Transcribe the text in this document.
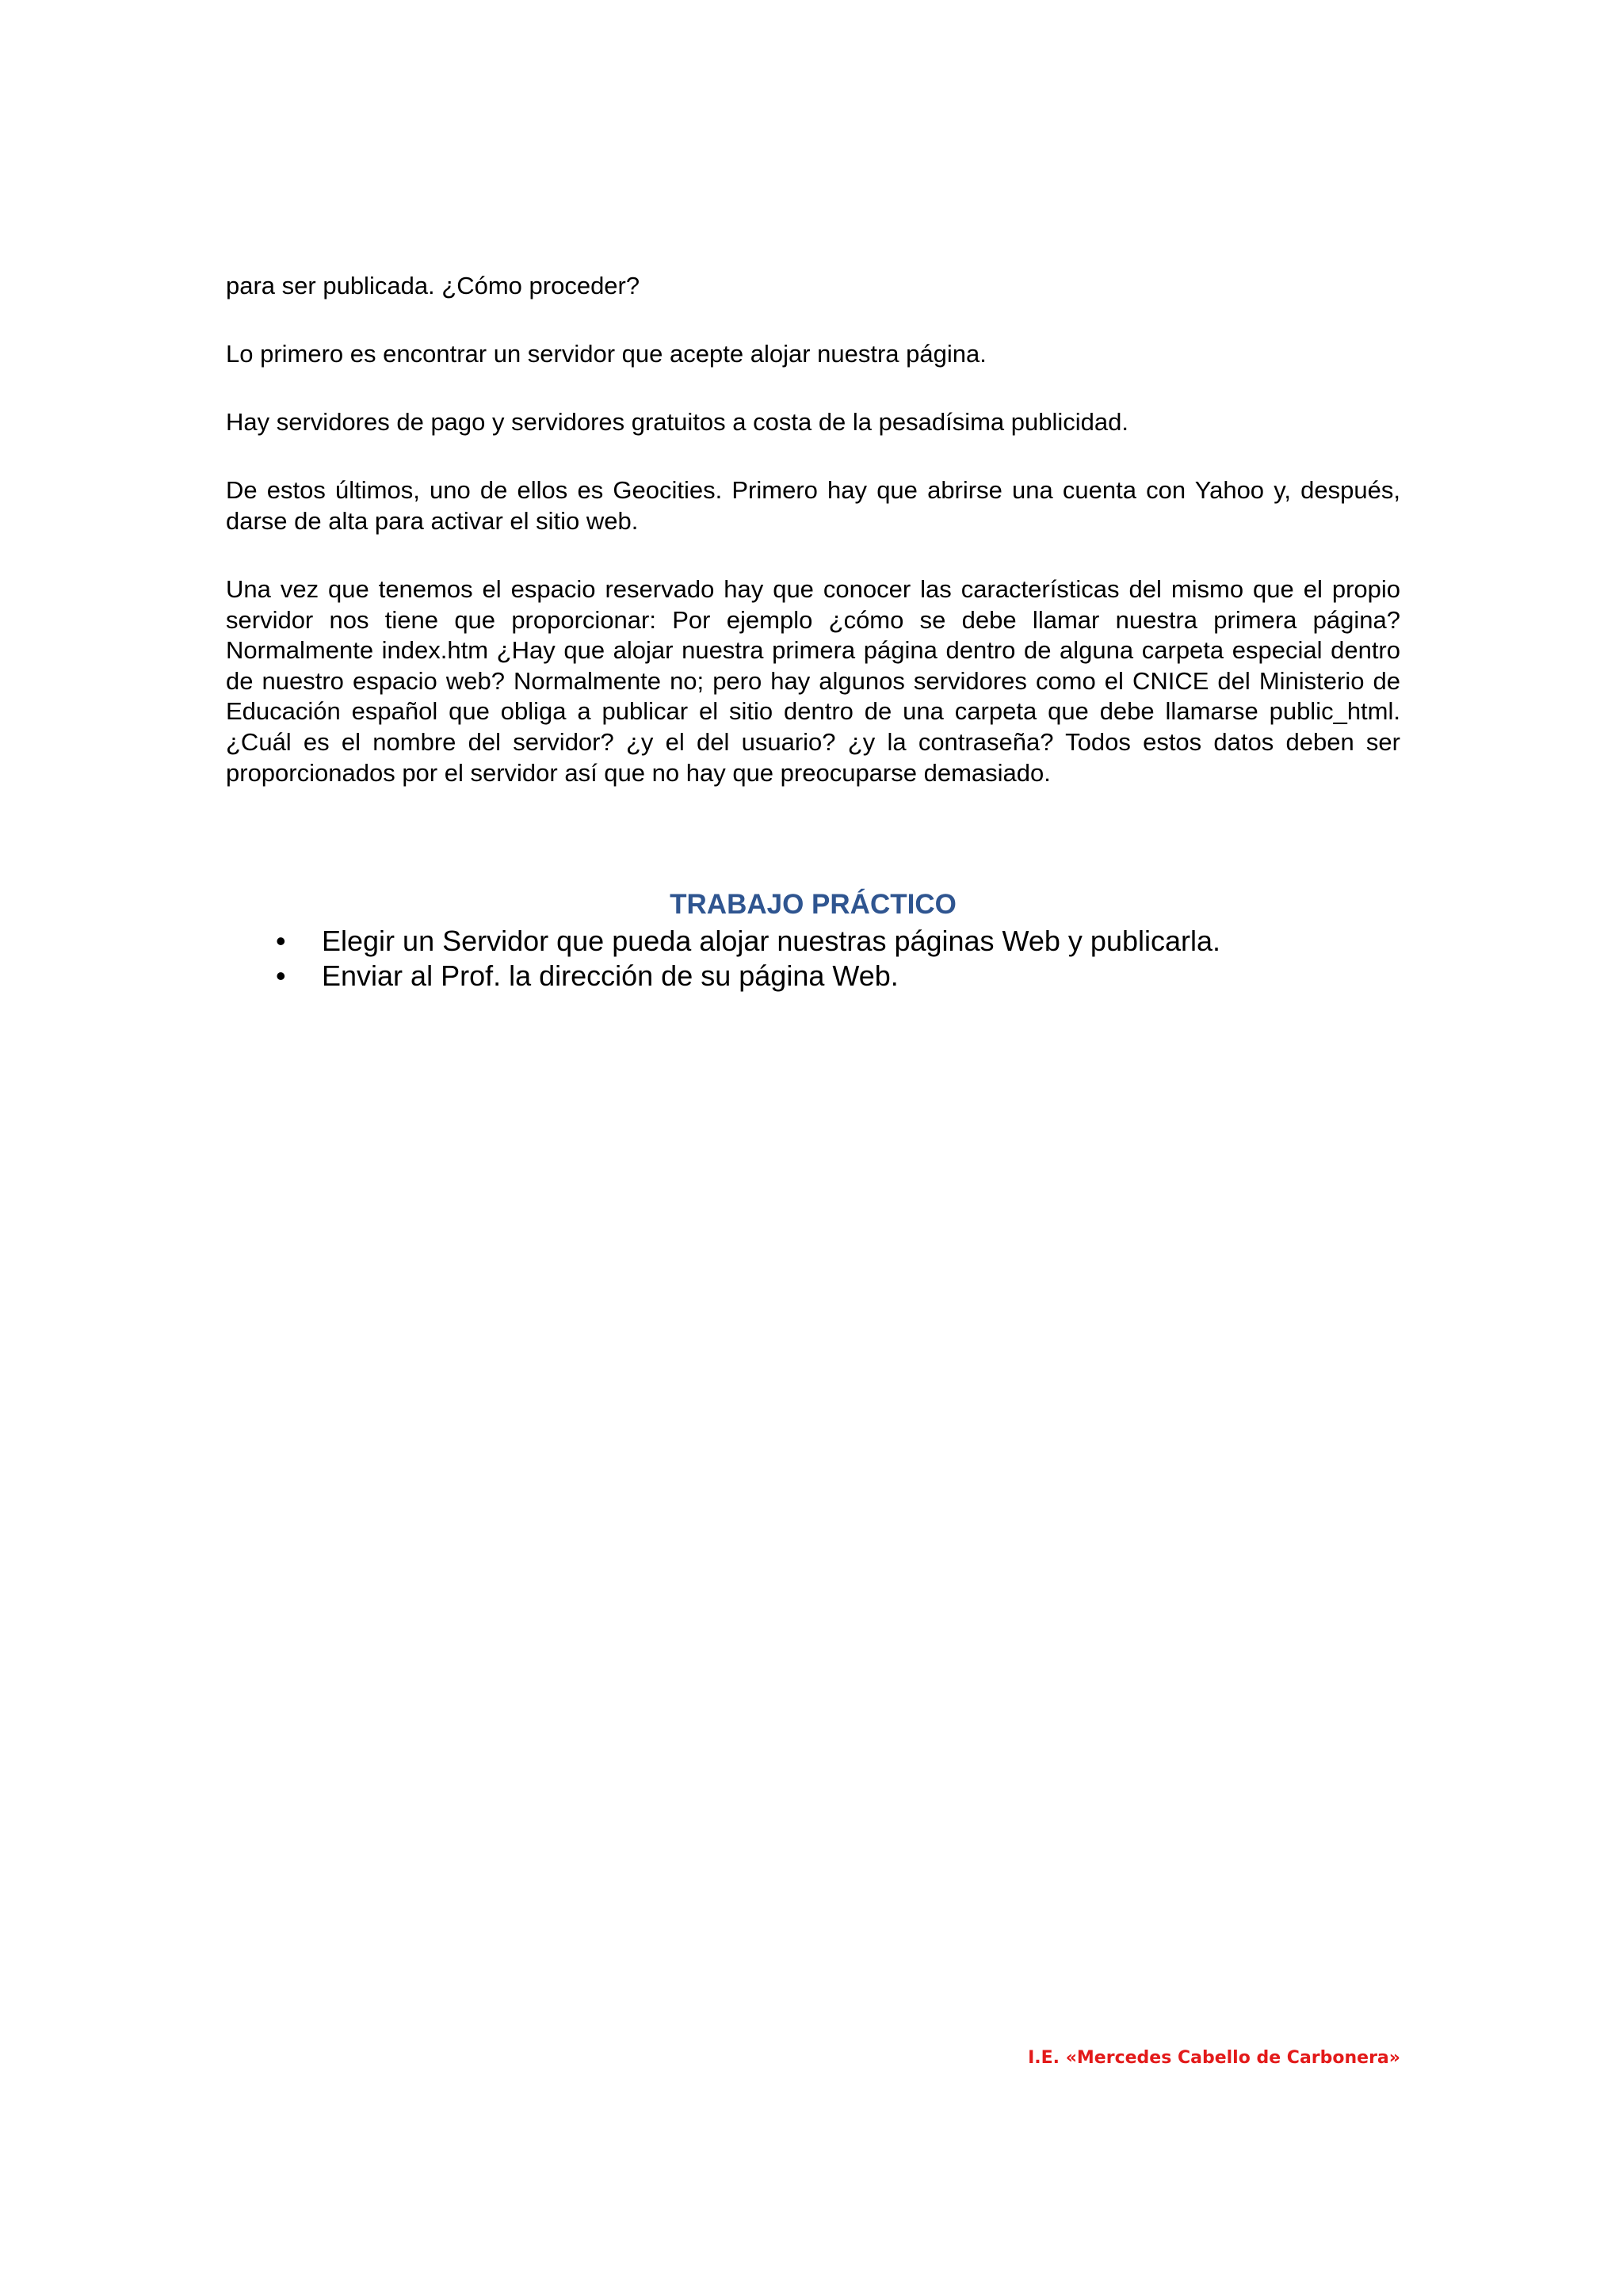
para ser publicada. ¿Cómo proceder?

Lo primero es encontrar un servidor que acepte alojar nuestra página.

Hay servidores de pago y servidores gratuitos a costa de la pesadísima publicidad.

De estos últimos, uno de ellos es Geocities. Primero hay que abrirse una cuenta con Yahoo y, después, darse de alta para activar el sitio web.

Una vez que tenemos el espacio reservado hay que conocer las características del mismo que el propio servidor nos tiene que proporcionar: Por ejemplo ¿cómo se debe llamar nuestra primera página? Normalmente index.htm ¿Hay que alojar nuestra primera página dentro de alguna carpeta especial dentro de nuestro espacio web? Normalmente no; pero hay algunos servidores como el CNICE del Ministerio de Educación español que obliga a publicar el sitio dentro de una carpeta que debe llamarse public_html. ¿Cuál es el nombre del servidor? ¿y el del usuario? ¿y la contraseña? Todos estos datos deben ser proporcionados por el servidor así que no hay que preocuparse demasiado.

TRABAJO PRÁCTICO
• Elegir un Servidor que pueda alojar nuestras páginas Web y publicarla.
• Enviar al Prof. la dirección de su página Web.

I.E. «Mercedes Cabello de Carbonera»
